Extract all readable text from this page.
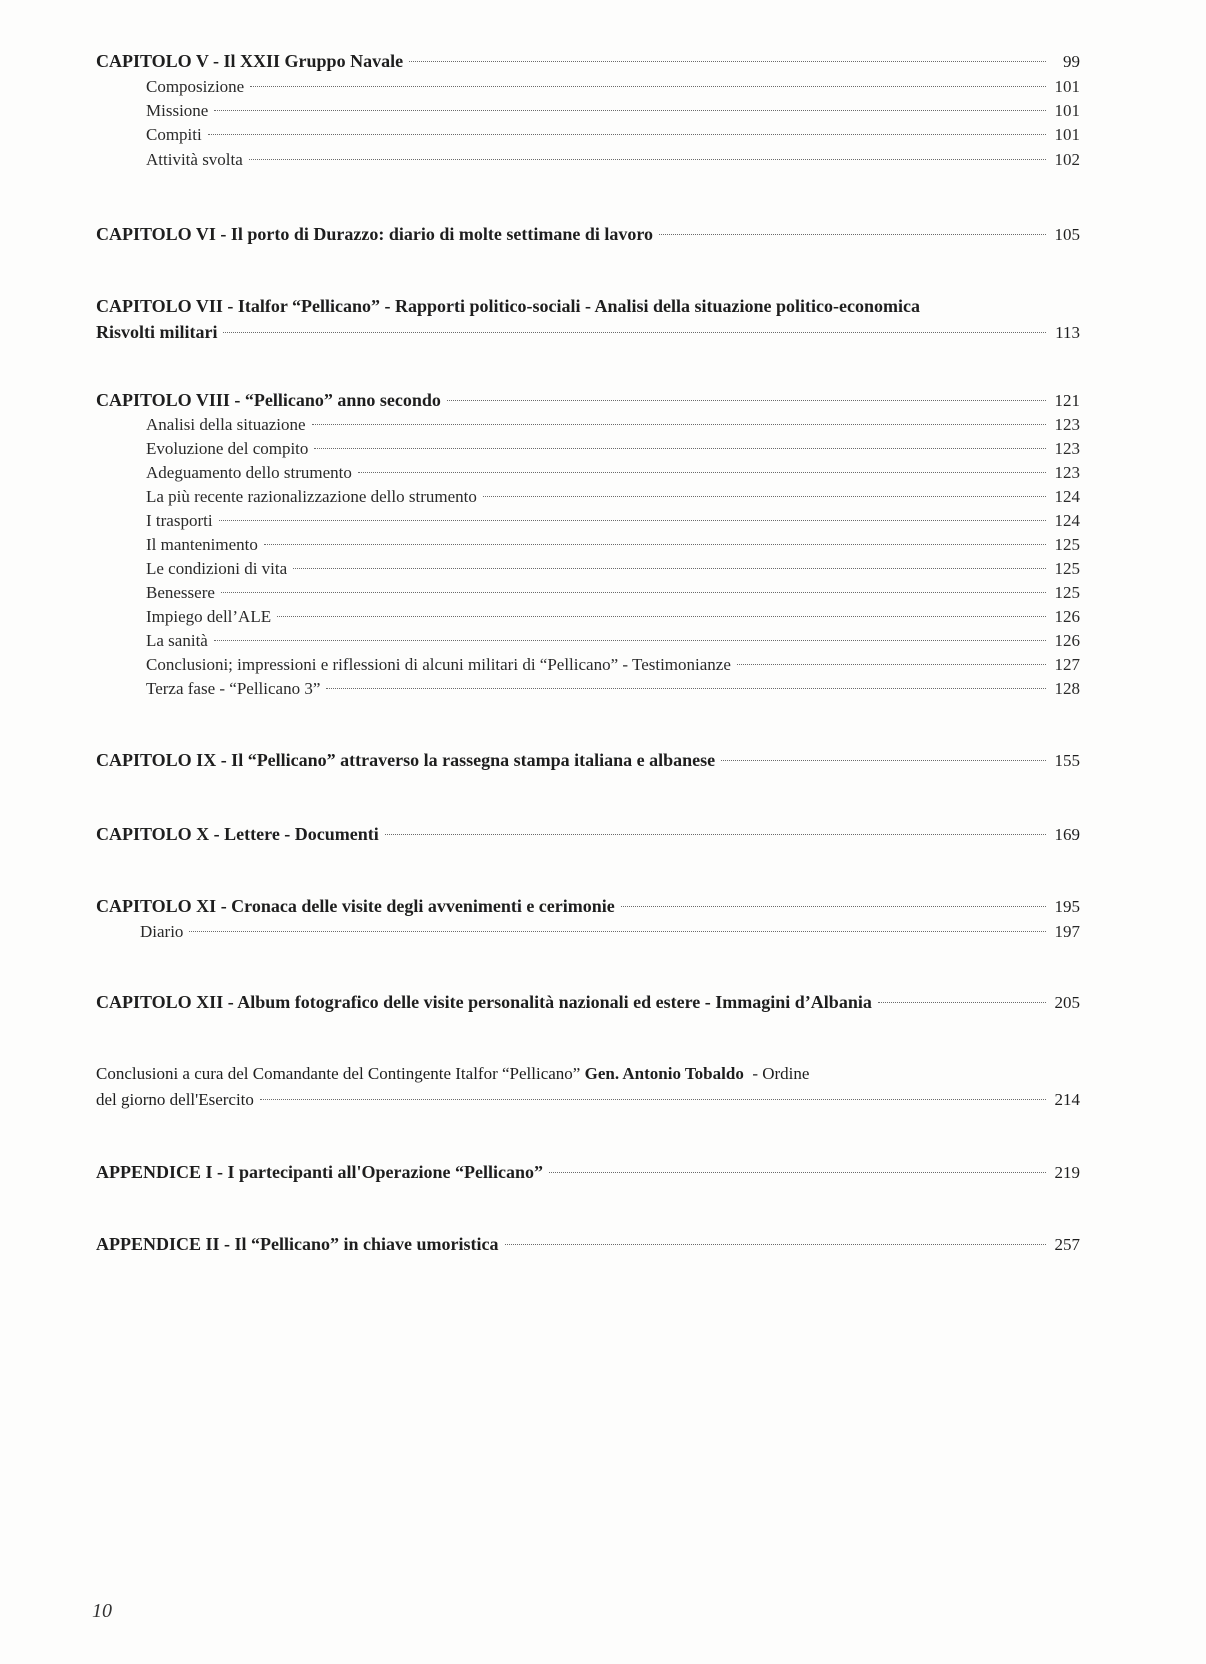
CAPITOLO V - Il XXII Gruppo Navale	99
Composizione	101
Missione	101
Compiti	101
Attività svolta	102
CAPITOLO VI - Il porto di Durazzo: diario di molte settimane di lavoro	105
CAPITOLO VII - Italfor “Pellicano” - Rapporti politico-sociali - Analisi della situazione politico-economica
Risvolti militari	113
CAPITOLO VIII - “Pellicano” anno secondo	121
Analisi della situazione	123
Evoluzione del compito	123
Adeguamento dello strumento	123
La più recente razionalizzazione dello strumento	124
I trasporti	124
Il mantenimento	125
Le condizioni di vita	125
Benessere	125
Impiego dell’ALE	126
La sanità	126
Conclusioni; impressioni e riflessioni di alcuni militari di “Pellicano” - Testimonianze	127
Terza fase - “Pellicano 3”	128
CAPITOLO IX - Il “Pellicano” attraverso la rassegna stampa italiana e albanese	155
CAPITOLO X - Lettere - Documenti	169
CAPITOLO XI - Cronaca delle visite degli avvenimenti e cerimonie	195
Diario	197
CAPITOLO XII - Album fotografico delle visite personalità nazionali ed estere - Immagini d’Albania	205
Conclusioni a cura del Comandante del Contingente Italfor “Pellicano”
Gen. Antonio Tobaldo
- Ordine
del giorno dell'Esercito	214
APPENDICE I - I partecipanti all'Operazione “Pellicano”	219
APPENDICE II - Il “Pellicano” in chiave umoristica	257
10
